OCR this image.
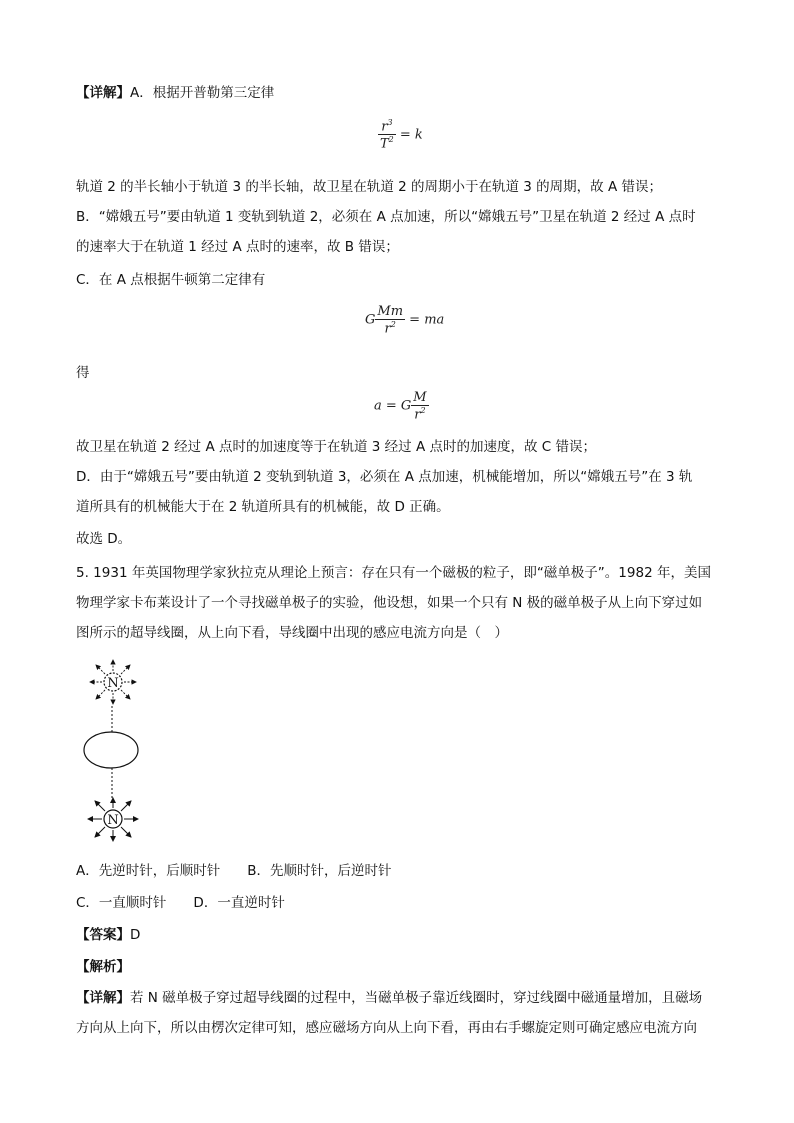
【详解】A．根据开普勒第三定律
$\frac{r^3}{T^2} = k$
轨道 2 的半长轴小于轨道 3 的半长轴，故卫星在轨道 2 的周期小于在轨道 3 的周期，故 A 错误；
B．“嫦娥五号”要由轨道 1 变轨到轨道 2，必须在 A 点加速，所以“嫦娥五号”卫星在轨道 2 经过 A 点时
的速率大于在轨道 1 经过 A 点时的速率，故 B 错误；
C．在 A 点根据牛顿第二定律有
G $\frac{Mm}{r^2}$ = ma
得
a = G $\frac{M}{r^2}$
故卫星在轨道 2 经过 A 点时的加速度等于在轨道 3 经过 A 点时的加速度，故 C 错误；
D．由于“嫦娥五号”要由轨道 2 变轨到轨道 3，必须在 A 点加速，机械能增加，所以“嫦娥五号”在 3 轨
道所具有的机械能大于在 2 轨道所具有的机械能，故 D 正确。
故选 D。
5. 1931 年英国物理学家狄拉克从理论上预言：存在只有一个磁极的粒子，即“磁单极子”。1982 年，美国
物理学家卡布莱设计了一个寻找磁单极子的实验，他设想，如果一个只有 N 极的磁单极子从上向下穿过如
图所示的超导线圈，从上向下看，导线圈中出现的感应电流方向是（　）
N
N
A．先逆时针，后顺时针　　B．先顺时针，后逆时针
C．一直顺时针　　D．一直逆时针
【答案】D
【解析】
【详解】若 N 磁单极子穿过超导线圈的过程中，当磁单极子靠近线圈时，穿过线圈中磁通量增加，且磁场
方向从上向下，所以由楞次定律可知，感应磁场方向从上向下看，再由右手螺旋定则可确定感应电流方向
